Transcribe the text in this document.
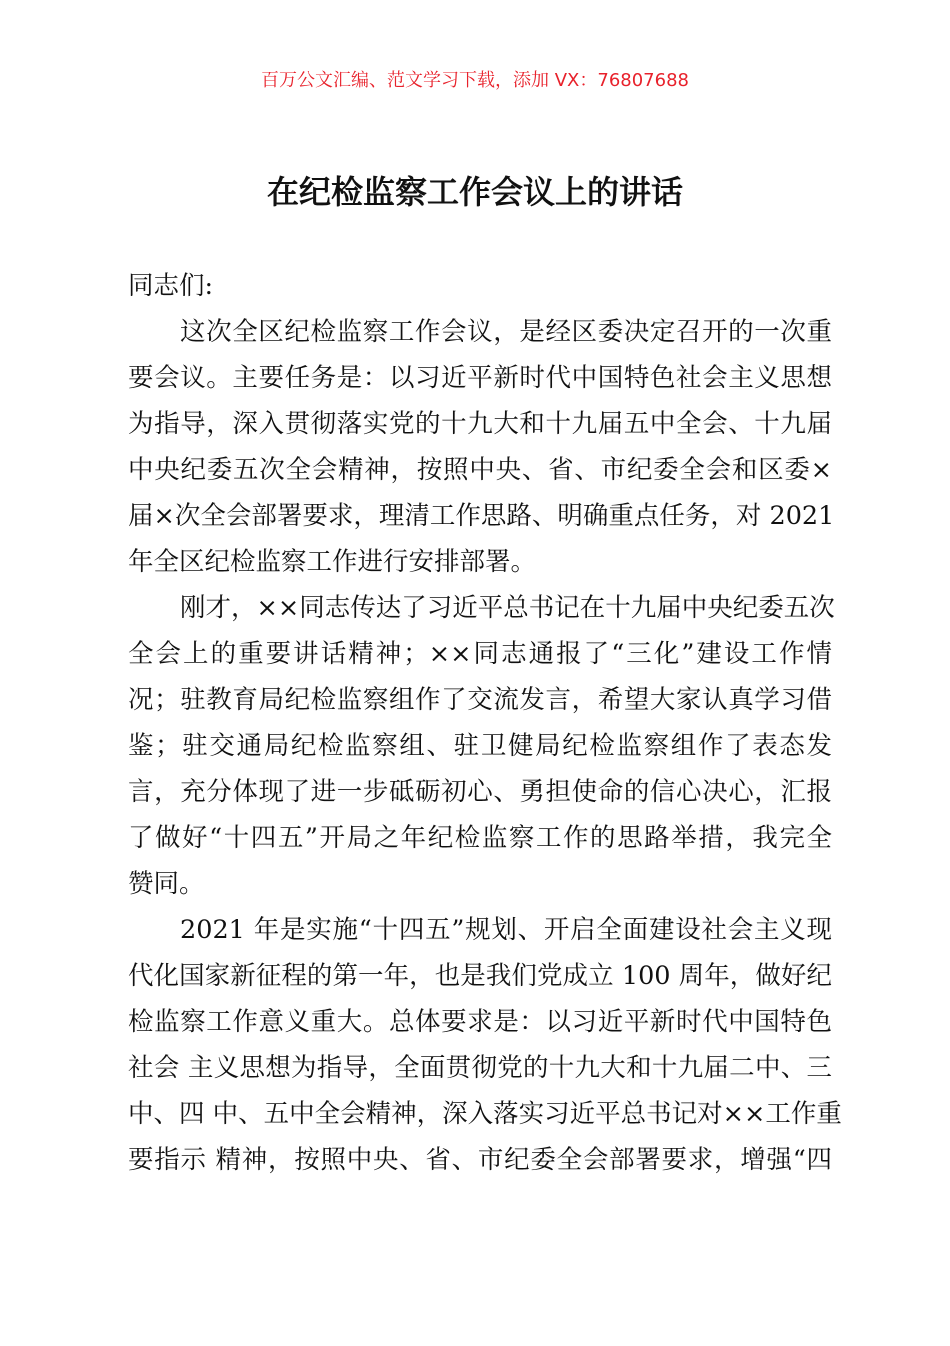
百万公文汇编、范文学习下载，添加 VX：76807688
在纪检监察工作会议上的讲话
同志们:
这次全区纪检监察工作会议，是经区委决定召开的一次重
要会议。主要任务是：以习近平新时代中国特色社会主义思想
为指导，深入贯彻落实党的十九大和十九届五中全会、十九届
中央纪委五次全会精神，按照中央、省、市纪委全会和区委×
届×次全会部署要求，理清工作思路、明确重点任务，对 2021
年全区纪检监察工作进行安排部署。
刚才，××同志传达了习近平总书记在十九届中央纪委五次
全会上的重要讲话精神；××同志通报了“三化”建设工作情
况；驻教育局纪检监察组作了交流发言，希望大家认真学习借
鉴；驻交通局纪检监察组、驻卫健局纪检监察组作了表态发
言，充分体现了进一步砥砺初心、勇担使命的信心决心，汇报
了做好“十四五”开局之年纪检监察工作的思路举措，我完全
赞同。
2021 年是实施“十四五”规划、开启全面建设社会主义现
代化国家新征程的第一年，也是我们党成立 100 周年，做好纪
检监察工作意义重大。总体要求是：以习近平新时代中国特色
社会 主义思想为指导，全面贯彻党的十九大和十九届二中、三
中、四 中、五中全会精神，深入落实习近平总书记对××工作重
要指示 精神，按照中央、省、市纪委全会部署要求，增强“四
